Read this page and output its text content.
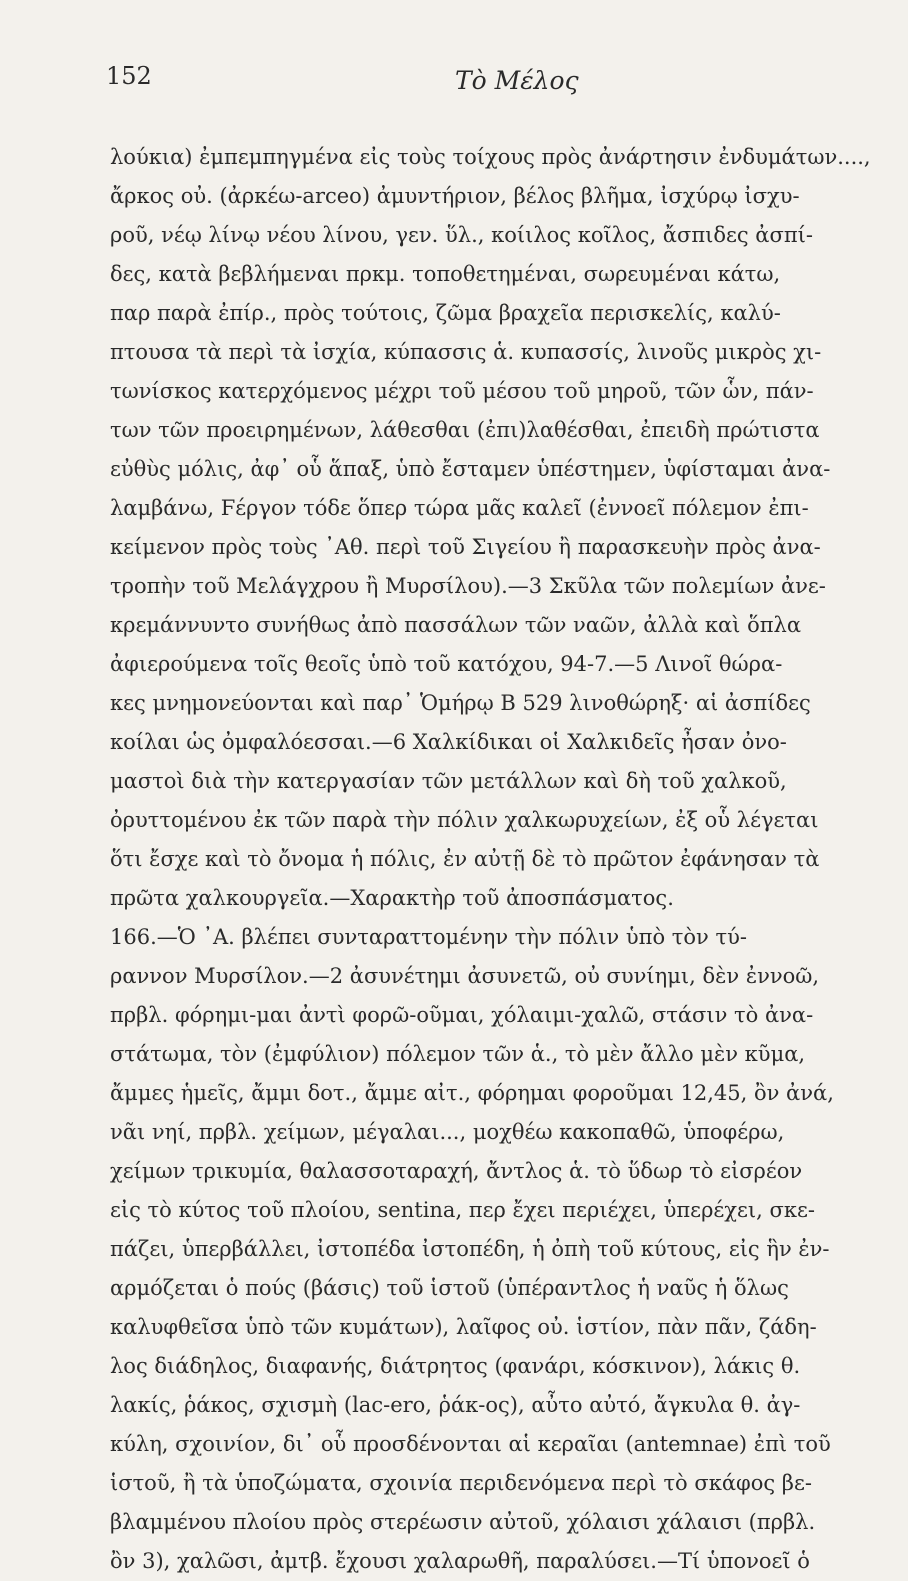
152	Τὸ Μέλος
λούκια) ἐμπεμπηγμένα εἰς τοὺς τοίχους πρὸς ἀνάρτησιν ἐνδυμάτων....,
ἄρκος οὐ. (ἀρκέω-arceo) ἀμυντήριον, βέλος βλῆμα, ἰσχύρῳ ἰσχυ-
ροῦ, νέῳ λίνῳ νέου λίνου, γεν. ὕλ., κοίιλος κοῖλος, ἄσπιδες ἀσπί-
δες, κατὰ βεβλήμεναι πρκμ. τοποθετημέναι, σωρευμέναι κάτω,
παρ παρὰ ἐπίρ., πρὸς τούτοις, ζῶμα βραχεῖα περισκελίς, καλύ-
πτουσα τὰ περὶ τὰ ἰσχία, κύπασσις ἁ. κυπασσίς, λινοῦς μικρὸς χι-
τωνίσκος κατερχόμενος μέχρι τοῦ μέσου τοῦ μηροῦ, τῶν ὧν, πάν-
των τῶν προειρημένων, λάθεσθαι (ἐπι)λαθέσθαι, ἐπειδὴ πρώτιστα
εὐθὺς μόλις, ἀφ᾽ οὗ ἅπαξ, ὑπὸ ἔσταμεν ὑπέστημεν, ὑφίσταμαι ἀνα-
λαμβάνω, Ϝέργον τόδε ὅπερ τώρα μᾶς καλεῖ (ἐννοεῖ πόλεμον ἐπι-
κείμενον πρὸς τοὺς ᾽Αθ. περὶ τοῦ Σιγείου ἢ παρασκευὴν πρὸς ἀνα-
τροπὴν τοῦ Μελάγχρου ἢ Μυρσίλου).—3 Σκῦλα τῶν πολεμίων ἀνε-
κρεμάννυντο συνήθως ἀπὸ πασσάλων τῶν ναῶν, ἀλλὰ καὶ ὅπλα
ἀφιερούμενα τοῖς θεοῖς ὑπὸ τοῦ κατόχου, 94-7.—5 Λινοῖ θώρα-
κες μνημονεύονται καὶ παρ᾽ Ὁμήρῳ Β 529 λινοθώρηξ· αἱ ἀσπίδες
κοίλαι ὡς ὀμφαλόεσσαι.—6 Χαλκίδικαι οἱ Χαλκιδεῖς ἦσαν ὀνο-
μαστοὶ διὰ τὴν κατεργασίαν τῶν μετάλλων καὶ δὴ τοῦ χαλκοῦ,
ὀρυττομένου ἐκ τῶν παρὰ τὴν πόλιν χαλκωρυχείων, ἐξ οὗ λέγεται
ὅτι ἔσχε καὶ τὸ ὄνομα ἡ πόλις, ἐν αὐτῇ δὲ τὸ πρῶτον ἐφάνησαν τὰ
πρῶτα χαλκουργεῖα.—Χαρακτὴρ τοῦ ἀποσπάσματος.
166.—Ὁ ᾽Α. βλέπει συνταραττομένην τὴν πόλιν ὑπὸ τὸν τύ-
ραννον Μυρσίλον.—2 ἀσυνέτημι ἀσυνετῶ, οὐ συνίημι, δὲν ἐννοῶ,
πρβλ. φόρημι-μαι ἀντὶ φορῶ-οῦμαι, χόλαιμι-χαλῶ, στάσιν τὸ ἀνα-
στάτωμα, τὸν (ἐμφύλιον) πόλεμον τῶν ἁ., τὸ μὲν ἄλλο μὲν κῦμα,
ἄμμες ἡμεῖς, ἄμμι δοτ., ἄμμε αἰτ., φόρημαι φοροῦμαι 12,45, ὂν ἀνά,
νᾶι νηί, πρβλ. χείμων, μέγαλαι..., μοχθέω κακοπαθῶ, ὑποφέρω,
χείμων τρικυμία, θαλασσοταραχή, ἄντλος ἁ. τὸ ὕδωρ τὸ εἰσρέον
εἰς τὸ κύτος τοῦ πλοίου, sentina, περ ἔχει περιέχει, ὑπερέχει, σκε-
πάζει, ὑπερβάλλει, ἰστοπέδα ἰστοπέδη, ἡ ὀπὴ τοῦ κύτους, εἰς ἣν ἐν-
αρμόζεται ὁ πούς (βάσις) τοῦ ἱστοῦ (ὑπέραντλος ἡ ναῦς ἡ ὅλως
καλυφθεῖσα ὑπὸ τῶν κυμάτων), λαῖφος οὐ. ἱστίον, πὰν πᾶν, ζάδη-
λος διάδηλος, διαφανής, διάτρητος (φανάρι, κόσκινον), λάκις θ.
λακίς, ῥάκος, σχισμὴ (lac-ero, ῥάκ-ος), αὖτο αὐτό, ἄγκυλα θ. ἀγ-
κύλη, σχοινίον, δι᾽ οὗ προσδένονται αἱ κεραῖαι (antemnae) ἐπὶ τοῦ
ἱστοῦ, ἢ τὰ ὑποζώματα, σχοινία περιδενόμενα περὶ τὸ σκάφος βε-
βλαμμένου πλοίου πρὸς στερέωσιν αὐτοῦ, χόλαισι χάλαισι (πρβλ.
ὂν 3), χαλῶσι, ἀμτβ. ἔχουσι χαλαρωθῆ, παραλύσει.—Τί ὑπονοεῖ ὁ
